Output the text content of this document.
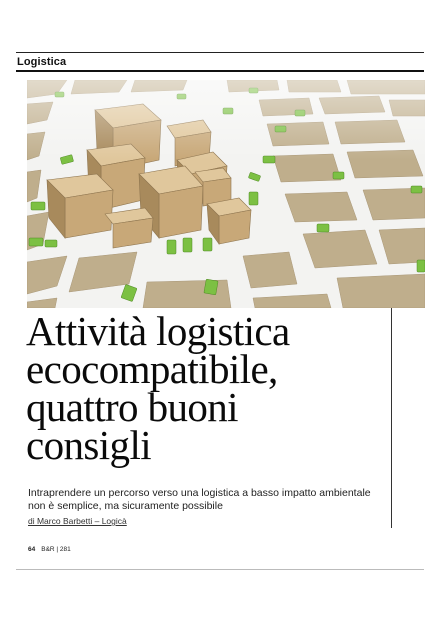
Logistica
Attività logistica
ecocompatibile,
quattro buoni
consigli
Intraprendere un percorso verso una logistica a basso impatto ambientale non è semplice, ma sicuramente possibile
di Marco Barbetti – Logicà
64 B&R | 281
